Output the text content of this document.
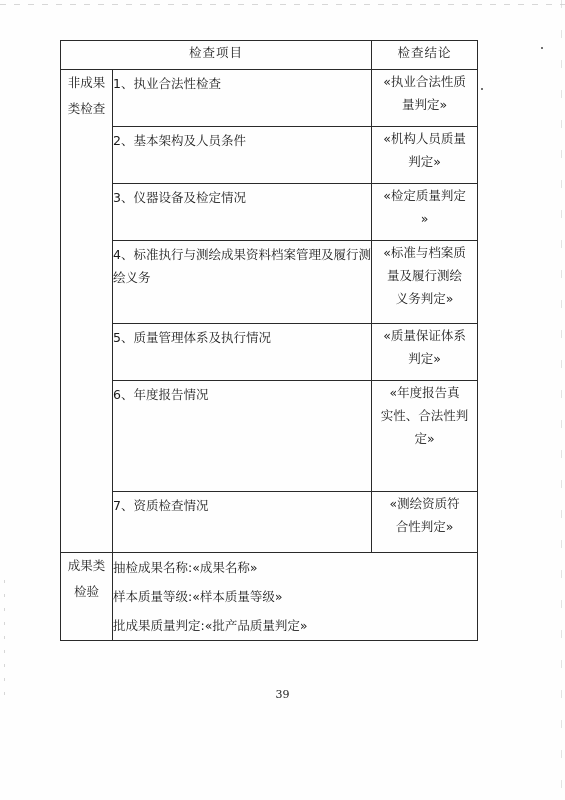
检查项目		检查结论
非成果
类检查	1、执业合法性检查	«执业合法性质
量判定»

	2、基本架构及人员条件	«机构人员质量
判定»

	3、仪器设备及检定情况	«检定质量判定
»

	4、标准执行与测绘成果资料档案管理及履行测绘义务	«标准与档案质
量及履行测绘
义务判定»

	5、质量管理体系及执行情况	«质量保证体系
判定»

	6、年度报告情况	«年度报告真
实性、合法性判
定»

	7、资质检查情况	«测绘资质符
合性判定»
成果类
检验	抽检成果名称:«成果名称»
样本质量等级:«样本质量等级»
批成果质量判定:«批产品质量判定»	
39
